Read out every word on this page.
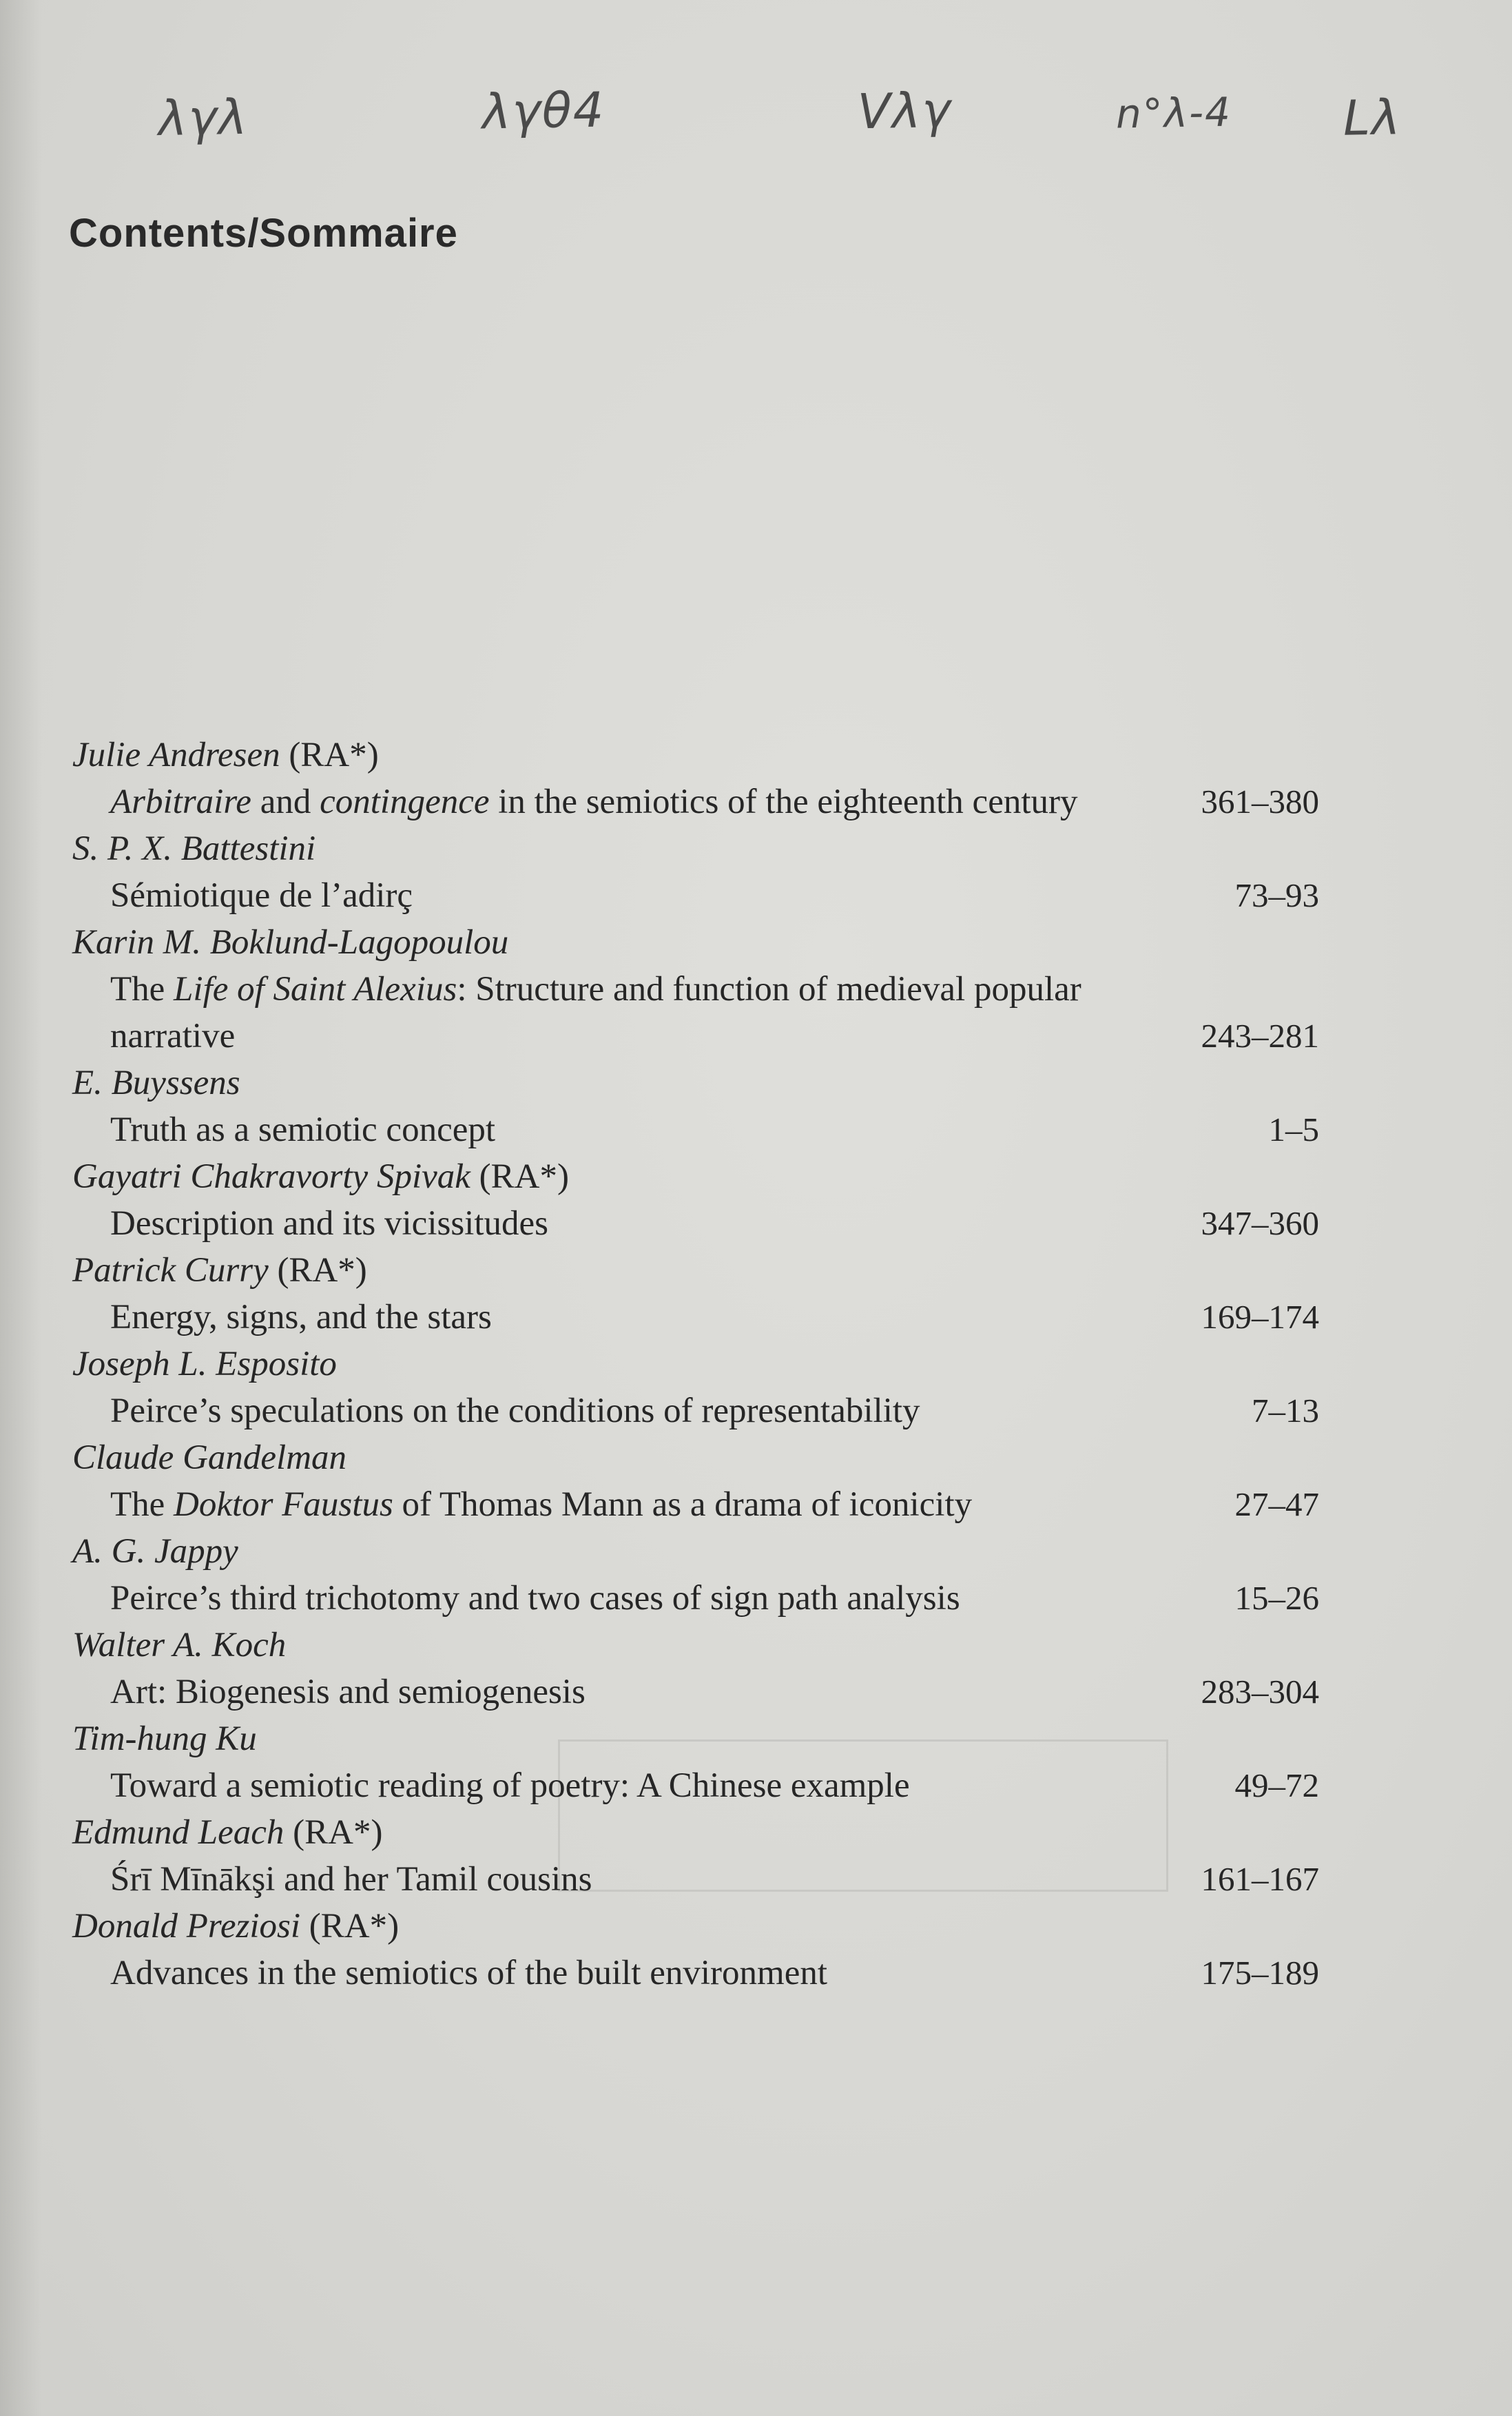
λγλ	λγθ4	Vλγ	n°λ-4 Lλ
Contents/Sommaire
Julie Andresen (RA*)
Arbitraire and contingence in the semiotics of the eighteenth century	361–380
S. P. X. Battestini
Sémiotique de l’adirç	73–93
Karin M. Boklund-Lagopoulou
The Life of Saint Alexius: Structure and function of medieval popular narrative	243–281
E. Buyssens
Truth as a semiotic concept	1–5
Gayatri Chakravorty Spivak (RA*)
Description and its vicissitudes	347–360
Patrick Curry (RA*)
Energy, signs, and the stars	169–174
Joseph L. Esposito
Peirce’s speculations on the conditions of representability	7–13
Claude Gandelman
The Doktor Faustus of Thomas Mann as a drama of iconicity	27–47
A. G. Jappy
Peirce’s third trichotomy and two cases of sign path analysis	15–26
Walter A. Koch
Art: Biogenesis and semiogenesis	283–304
Tim-hung Ku
Toward a semiotic reading of poetry: A Chinese example	49–72
Edmund Leach (RA*)
Śrī Mīnākşi and her Tamil cousins	161–167
Donald Preziosi (RA*)
Advances in the semiotics of the built environment	175–189
